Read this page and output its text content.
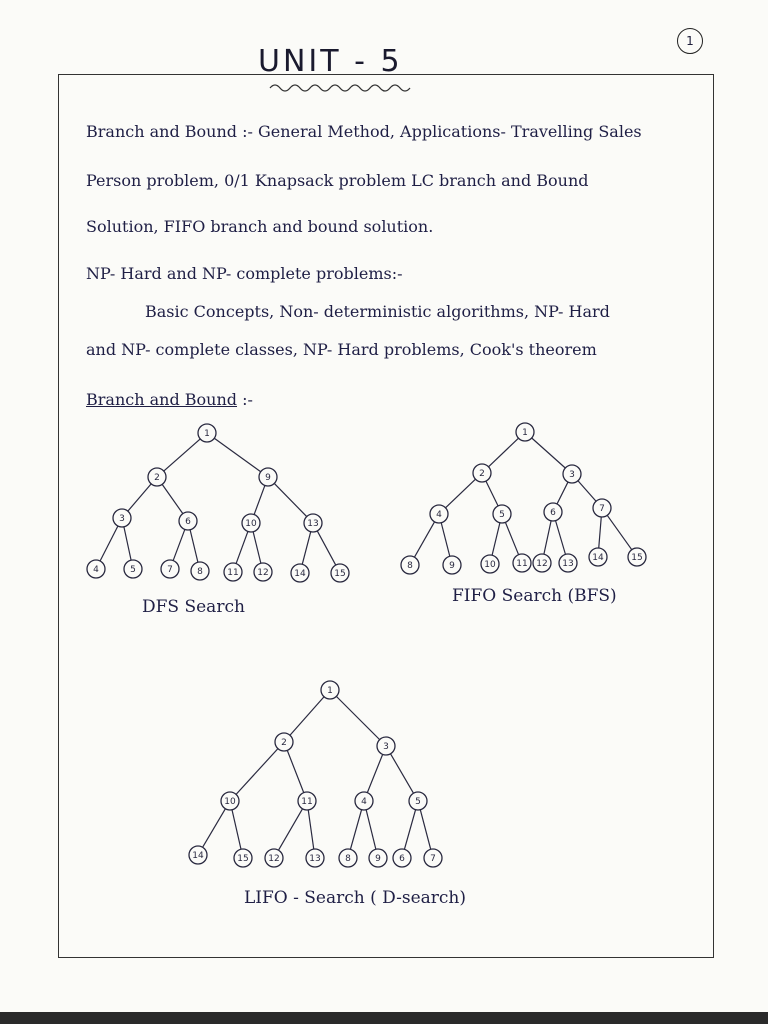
1
UNIT - 5
Branch and Bound :- General Method, Applications- Travelling Sales
Person problem, 0/1 Knapsack problem LC branch and Bound
Solution, FIFO branch and bound solution.
NP- Hard and NP- complete problems:-
Basic Concepts, Non- deterministic algorithms, NP- Hard
and NP- complete classes, NP- Hard problems, Cook's theorem
Branch and Bound :-
1
2	9
3	6	10	13
4	5	7	8	11 12	14	15
1
2	3
4	5	6	7
8	9	10 11 12 13
14	15
1
2	3
10	11	4	5
14	15 12	13	8	9 6	7
DFS Search
FIFO Search (BFS)
LIFO - Search ( D-search)
